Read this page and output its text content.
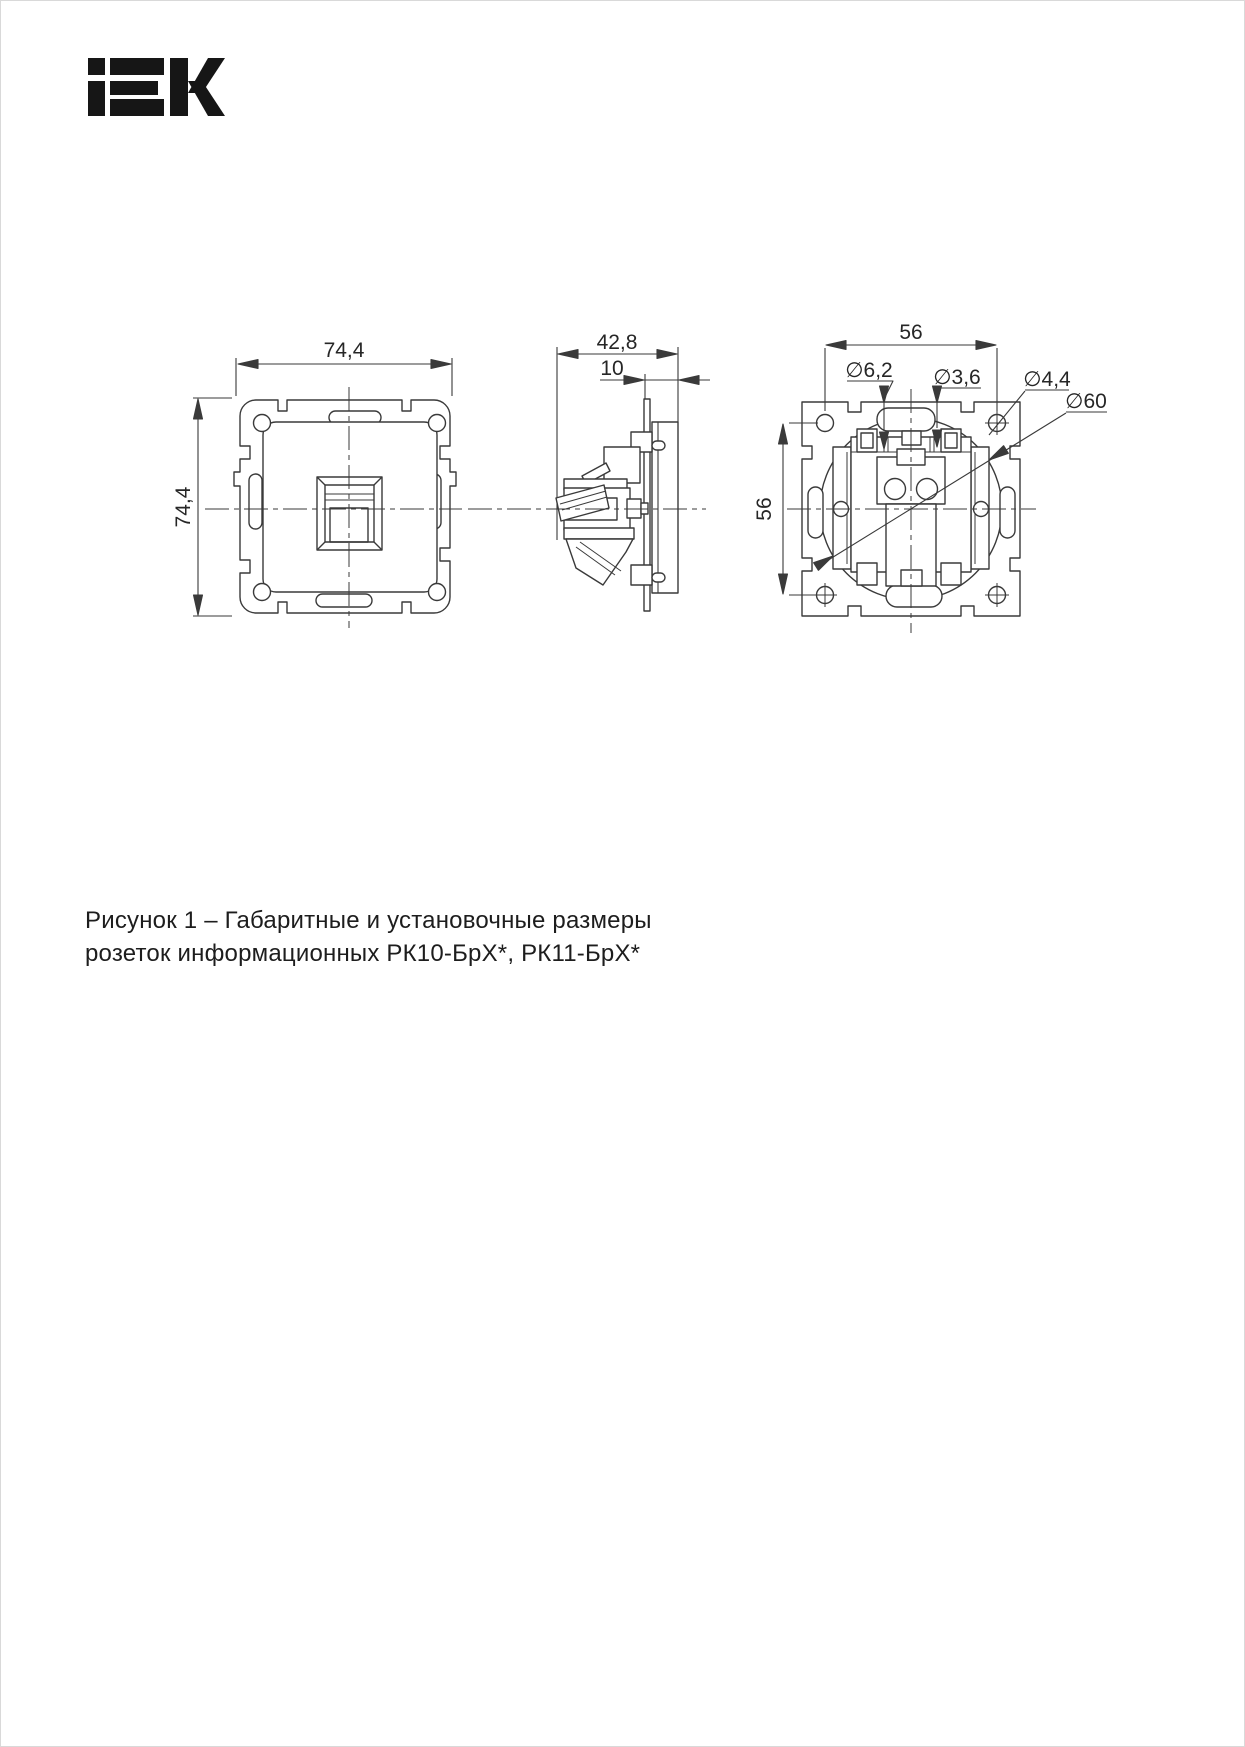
74,4
74,4
42,8
10
56
56
∅6,2 ∅3,6 ∅4,4
∅60
Рисунок 1 – Габаритные и установочные размеры
розеток информационных РК10-БрХ*, РК11-БрХ*
